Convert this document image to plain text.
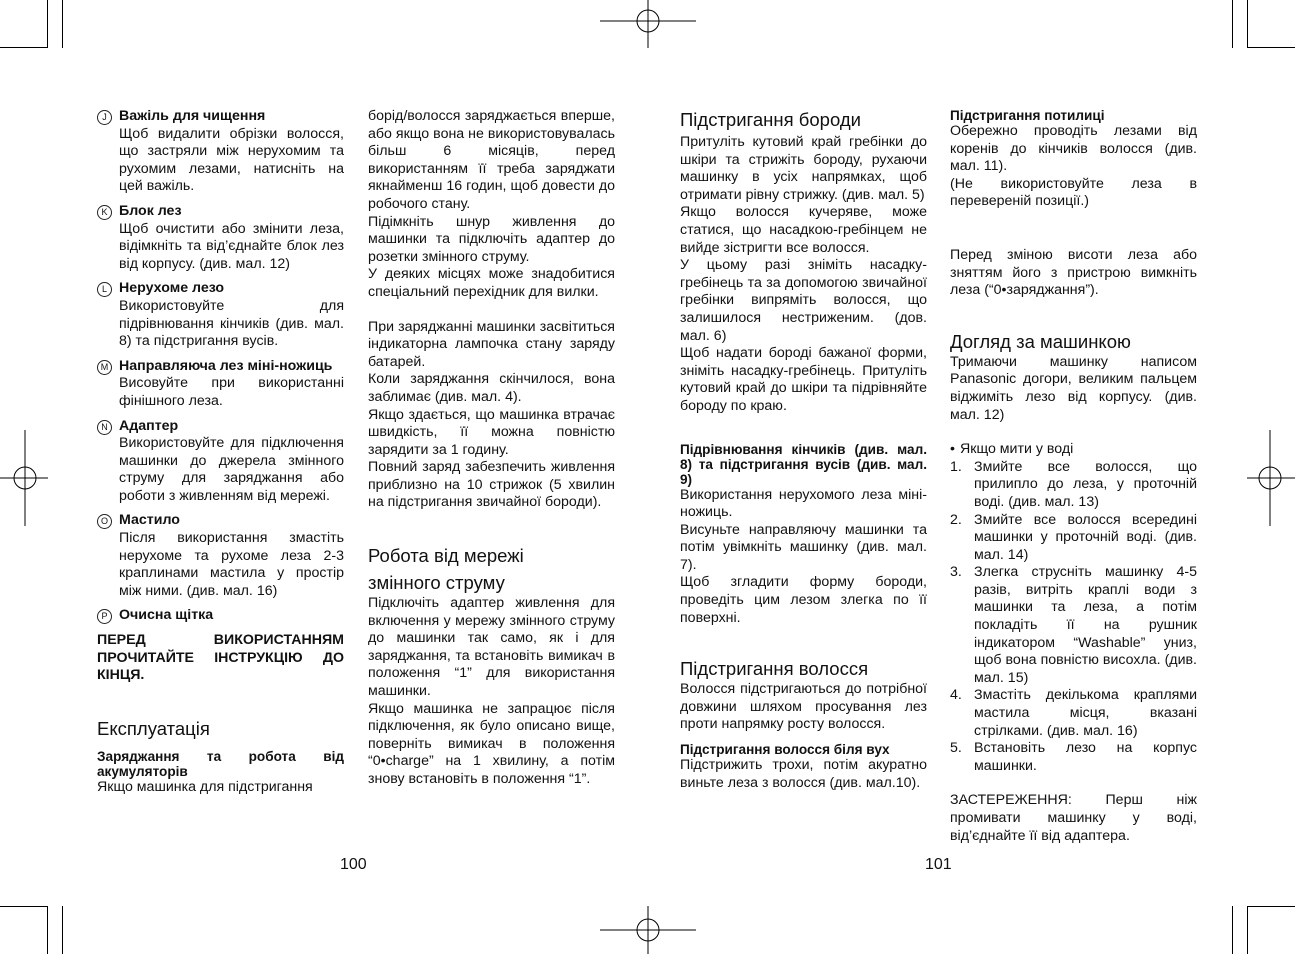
J Важіль для чищення
Щоб видалити обрізки волосся, що застряли між нерухомим та рухомим лезами, натисніть на цей важіль.
K Блок лез
Щоб очистити або змінити леза, відімкніть та від’єднайте блок лез від корпусу. (див. мал. 12)
L Нерухоме лезо
Використовуйте для підрівнювання кінчиків (див. мал. 8) та підстригання вусів.
M Направляюча лез міні-ножиць
Висовуйте при використанні фінішного леза.
N Адаптер
Використовуйте для підключення машинки до джерела змінного струму для заряджання або роботи з живленням від мережі.
O Мастило
Після використання змастіть нерухоме та рухоме леза 2-3 краплинами мастила у простір між ними. (див. мал. 16)
P Очисна щітка

ПЕРЕД ВИКОРИСТАННЯМ ПРОЧИТАЙТЕ ІНСТРУКЦІЮ ДО КІНЦЯ.

Експлуатація

Заряджання та робота від акумуляторів

Якщо машинка для підстригання

борід/волосся заряджається вперше, або якщо вона не використовувалась більш 6 місяців, перед використанням її треба заряджати якнайменш 16 годин, щоб довести до робочого стану.

Підімкніть шнур живлення до машинки та підключіть адаптер до розетки змінного струму.

У деяких місцях може знадобитися спеціальний перехідник для вилки.

При заряджанні машинки засвітиться індикаторна лампочка стану заряду батарей.

Коли заряджання скінчилося, вона заблимає (див. мал. 4).

Якщо здається, що машинка втрачає швидкість, її можна повністю зарядити за 1 годину.

Повний заряд забезпечить живлення приблизно на 10 стрижок (5 хвилин на підстригання звичайної бороди).

Робота від мережі
змінного струму

Підключіть адаптер живлення для включення у мережу змінного струму до машинки так само, як і для заряджання, та встановіть вимикач в положення “1” для використання машинки.

Якщо машинка не запрацює після підключення, як було описано вище, поверніть вимикач в положення “0•charge” на 1 хвилину, а потім знову встановіть в положення “1”.

Підстригання бороди

Притуліть кутовий край гребінки до шкіри та стрижіть бороду, рухаючи машинку в усіх напрямках, щоб отримати рівну стрижку. (див. мал. 5)

Якщо волосся кучеряве, може статися, що насадкою-гребінцем не вийде зістригти все волосся.

У цьому разі зніміть насадку-гребінець та за допомогою звичайної гребінки випряміть волосся, що залишилося нестриженим. (дов. мал. 6)

Щоб надати бороді бажаної форми, зніміть насадку-гребінець. Притуліть кутовий край до шкіри та підрівняйте бороду по краю.

Підрівнювання кінчиків (див. мал. 8) та підстригання вусів (див. мал. 9)

Використання нерухомого леза міні-ножиць.

Висуньте направляючу машинки та потім увімкніть машинку (див. мал. 7).

Щоб згладити форму бороди, проведіть цим лезом злегка по її поверхні.

Підстригання волосся

Волосся підстригаються до потрібної довжини шляхом просування лез проти напрямку росту волосся.

Підстригання волосся біля вух

Підстрижить трохи, потім акуратно виньте леза з волосся (див. мал.10).

Підстригання потилиці

Обережно проводіть лезами від коренів до кінчиків волосся (див. мал. 11).

(Не використовуйте леза в перевереній позиції.)

Перед зміною висоти леза або зняттям його з пристрою вимкніть леза (“0•заряджання”).

Догляд за машинкою

Тримаючи машинку написом Panasonic догори, великим пальцем віджиміть лезо від корпусу. (див. мал. 12)

• Якщо мити у воді
1. Змийте все волосся, що прилипло до леза, у проточній воді. (див. мал. 13)
2. Змийте все волосся всередині машинки у проточній воді. (див. мал. 14)
3. Злегка струсніть машинку 4-5 разів, витріть краплі води з машинки та леза, а потім покладіть її на рушник індикатором “Washable” униз, щоб вона повністю висохла. (див. мал. 15)
4. Змастіть декількома краплями мастила місця, вказані стрілками. (див. мал. 16)
5. Встановіть лезо на корпус машинки.

ЗАСТЕРЕЖЕННЯ: Перш ніж промивати машинку у воді, від’єднайте її від адаптера.

100	101
